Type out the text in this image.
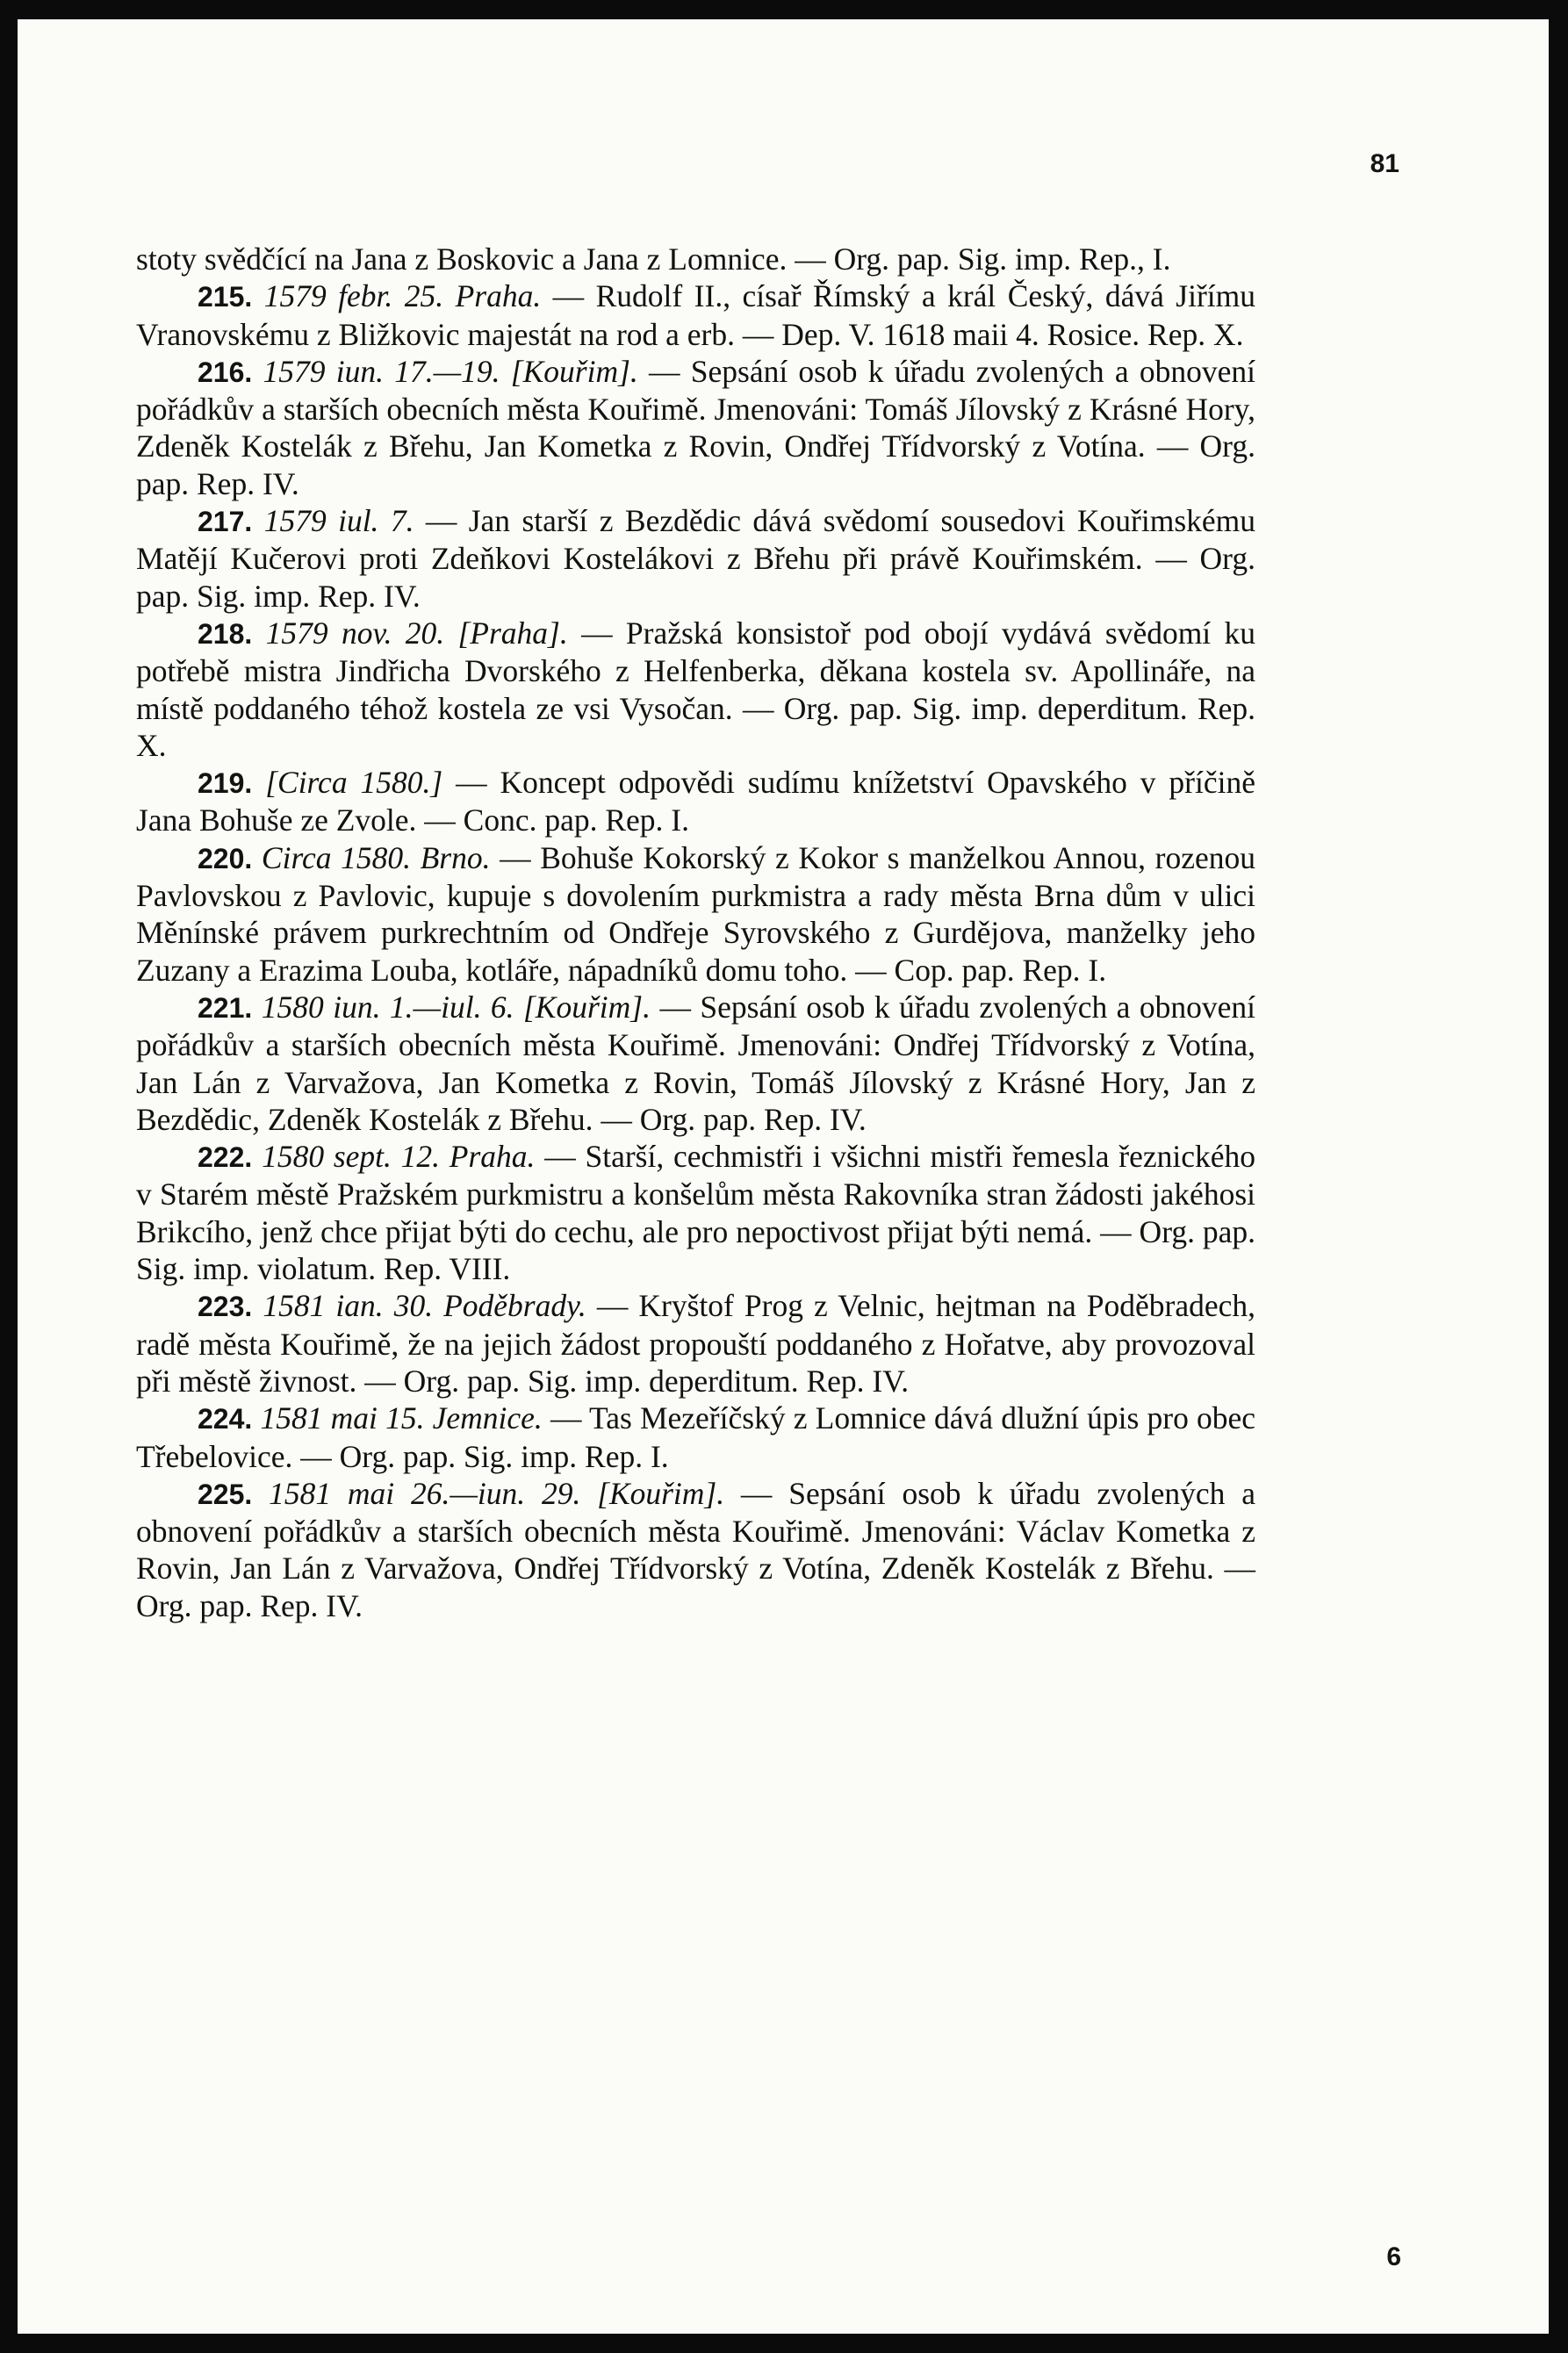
81

stoty svědčící na Jana z Boskovic a Jana z Lomnice. — Org. pap. Sig. imp. Rep., I.

215. 1579 febr. 25. Praha. — Rudolf II., císař Římský a král Český, dává Jiřímu Vranovskému z Bližkovic majestát na rod a erb. — Dep. V. 1618 maii 4. Rosice. Rep. X.

216. 1579 iun. 17.—19. [Kouřim]. — Sepsání osob k úřadu zvolených a obnovení pořádkův a starších obecních města Kouřimě. Jmenováni: Tomáš Jílovský z Krásné Hory, Zdeněk Kostelák z Břehu, Jan Kometka z Rovin, Ondřej Třídvorský z Votína. — Org. pap. Rep. IV.

217. 1579 iul. 7. — Jan starší z Bezdědic dává svědomí sousedovi Kouřimskému Matějí Kučerovi proti Zdeňkovi Kostelákovi z Břehu při právě Kouřimském. — Org. pap. Sig. imp. Rep. IV.

218. 1579 nov. 20. [Praha]. — Pražská konsistoř pod obojí vydává svědomí ku potřebě mistra Jindřicha Dvorského z Helfenberka, děkana kostela sv. Apollináře, na místě poddaného téhož kostela ze vsi Vysočan. — Org. pap. Sig. imp. deperditum. Rep. X.

219. [Circa 1580.] — Koncept odpovědi sudímu knížetství Opavského v příčině Jana Bohuše ze Zvole. — Conc. pap. Rep. I.

220. Circa 1580. Brno. — Bohuše Kokorský z Kokor s manželkou Annou, rozenou Pavlovskou z Pavlovic, kupuje s dovolením purkmistra a rady města Brna dům v ulici Měnínské právem purkrechtním od Ondřeje Syrovského z Gurdějova, manželky jeho Zuzany a Erazima Louba, kotláře, nápadníků domu toho. — Cop. pap. Rep. I.

221. 1580 iun. 1.—iul. 6. [Kouřim]. — Sepsání osob k úřadu zvolených a obnovení pořádkův a starších obecních města Kouřimě. Jmenováni: Ondřej Třídvorský z Votína, Jan Lán z Varvažova, Jan Kometka z Rovin, Tomáš Jílovský z Krásné Hory, Jan z Bezdědic, Zdeněk Kostelák z Břehu. — Org. pap. Rep. IV.

222. 1580 sept. 12. Praha. — Starší, cechmistři i všichni mistři řemesla řeznického v Starém městě Pražském purkmistru a konšelům města Rakovníka stran žádosti jakéhosi Brikcího, jenž chce přijat býti do cechu, ale pro nepoctivost přijat býti nemá. — Org. pap. Sig. imp. violatum. Rep. VIII.

223. 1581 ian. 30. Poděbrady. — Kryštof Prog z Velnic, hejtman na Poděbradech, radě města Kouřimě, že na jejich žádost propouští poddaného z Hořatve, aby provozoval při městě živnost. — Org. pap. Sig. imp. deperditum. Rep. IV.

224. 1581 mai 15. Jemnice. — Tas Mezeříčský z Lomnice dává dlužní úpis pro obec Třebelovice. — Org. pap. Sig. imp. Rep. I.

225. 1581 mai 26.—iun. 29. [Kouřim]. — Sepsání osob k úřadu zvolených a obnovení pořádkův a starších obecních města Kouřimě. Jmenováni: Václav Kometka z Rovin, Jan Lán z Varvažova, Ondřej Třídvorský z Votína, Zdeněk Kostelák z Břehu. — Org. pap. Rep. IV.

6
